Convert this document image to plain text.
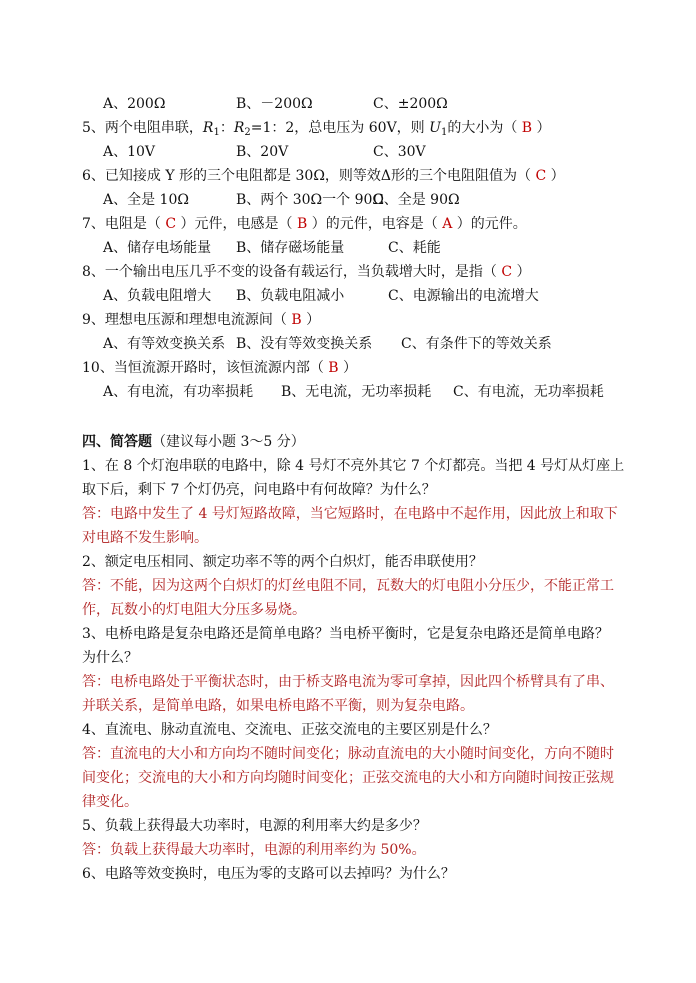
A、200Ω	B、－200Ω	C、±200Ω
5、两个电阻串联，$R_1$：$R_2=1$：2，总电压为 60V，则 $U_1$的大小为（ B ）
A、10V	B、20V	C、30V
6、已知接成 Y 形的三个电阻都是 30Ω，则等效Δ形的三个电阻阻值为（ C ）
A、全是 10Ω	B、两个 30Ω一个 90Ω
C、全是 90Ω
7、电阻是（ C ）元件，电感是（ B ）的元件，电容是（ A ）的元件。
A、储存电场能量 B、储存磁场能量	C、耗能
8、一个输出电压几乎不变的设备有载运行，当负载增大时，是指（ C ）
A、负载电阻增大 B、负载电阻减小	C、电源输出的电流增大
9、理想电压源和理想电流源间（ B ）
A、有等效变换关系 B、没有等效变换关系 C、有条件下的等效关系
10、当恒流源开路时，该恒流源内部（ B ）
A、有电流，有功率损耗 B、无电流，无功率损耗 C、有电流，无功率损耗
四、简答题（建议每小题 3～5 分）
1、在 8 个灯泡串联的电路中，除 4 号灯不亮外其它 7 个灯都亮。当把 4 号灯从灯座上
取下后，剩下 7 个灯仍亮，问电路中有何故障？为什么？
答：电路中发生了 4 号灯短路故障，当它短路时，在电路中不起作用，因此放上和取下
对电路不发生影响。
2、额定电压相同、额定功率不等的两个白炽灯，能否串联使用？
答：不能，因为这两个白炽灯的灯丝电阻不同，瓦数大的灯电阻小分压少，不能正常工
作，瓦数小的灯电阻大分压多易烧。
3、电桥电路是复杂电路还是简单电路？当电桥平衡时，它是复杂电路还是简单电路？
为什么？
答：电桥电路处于平衡状态时，由于桥支路电流为零可拿掉，因此四个桥臂具有了串、
并联关系，是简单电路，如果电桥电路不平衡，则为复杂电路。
4、直流电、脉动直流电、交流电、正弦交流电的主要区别是什么？
答：直流电的大小和方向均不随时间变化；脉动直流电的大小随时间变化，方向不随时
间变化；交流电的大小和方向均随时间变化；正弦交流电的大小和方向随时间按正弦规
律变化。
5、负载上获得最大功率时，电源的利用率大约是多少？
答：负载上获得最大功率时，电源的利用率约为 50%。
6、电路等效变换时，电压为零的支路可以去掉吗？为什么？
